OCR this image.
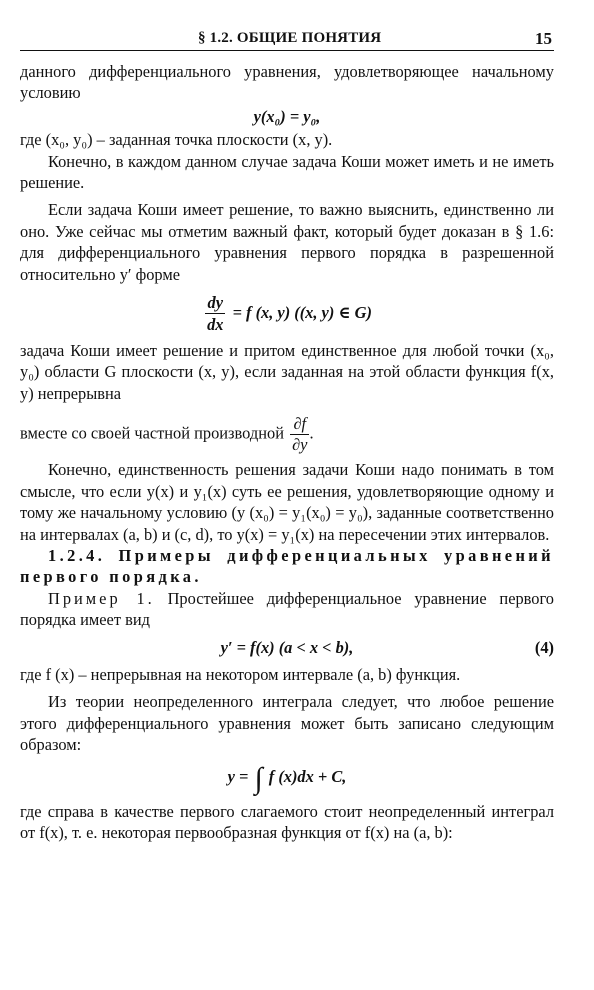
§ 1.2. ОБЩИЕ ПОНЯТИЯ	15

данного дифференциального уравнения, удовлетворяющее начальному условию

y(x₀) = y₀,

где (x₀, y₀) – заданная точка плоскости (x, y).

Конечно, в каждом данном случае задача Коши может иметь и не иметь решение.

Если задача Коши имеет решение, то важно выяснить, единственно ли оно. Уже сейчас мы отметим важный факт, который будет доказан в § 1.6: для дифференциального уравнения первого порядка в разрешенной относительно y′ форме

$\frac{dy}{dx} = f$ (x, y) ((x, y) ∈ G)

задача Коши имеет решение и притом единственное для любой точки (x₀, y₀) области G плоскости (x, y), если заданная на этой области функция f(x, y) непрерывна

вместе со своей частной производной $\frac{\partial f}{\partial y}$ .

Конечно, единственность решения задачи Коши надо понимать в том смысле, что если y(x) и y₁(x) суть ее решения, удовлетворяющие одному и тому же начальному условию (y (x₀) = y₁(x₀) = y₀), заданные соответственно на интервалах (a, b) и (c, d), то y(x) = y₁(x) на пересечении этих интервалов.

1.2.4. Примеры дифференциальных уравнений первого порядка.

Пример 1. Простейшее дифференциальное уравнение первого порядка имеет вид

y′ = f(x) (a < x < b),	(4)

где f (x) – непрерывная на некотором интервале (a, b) функция.

Из теории неопределенного интеграла следует, что любое решение этого дифференциального уравнения может быть записано следующим образом:

y = ∫ f (x)dx + C,

где справа в качестве первого слагаемого стоит неопределенный интеграл от f(x), т. е. некоторая первообразная функция от f(x) на (a, b):
